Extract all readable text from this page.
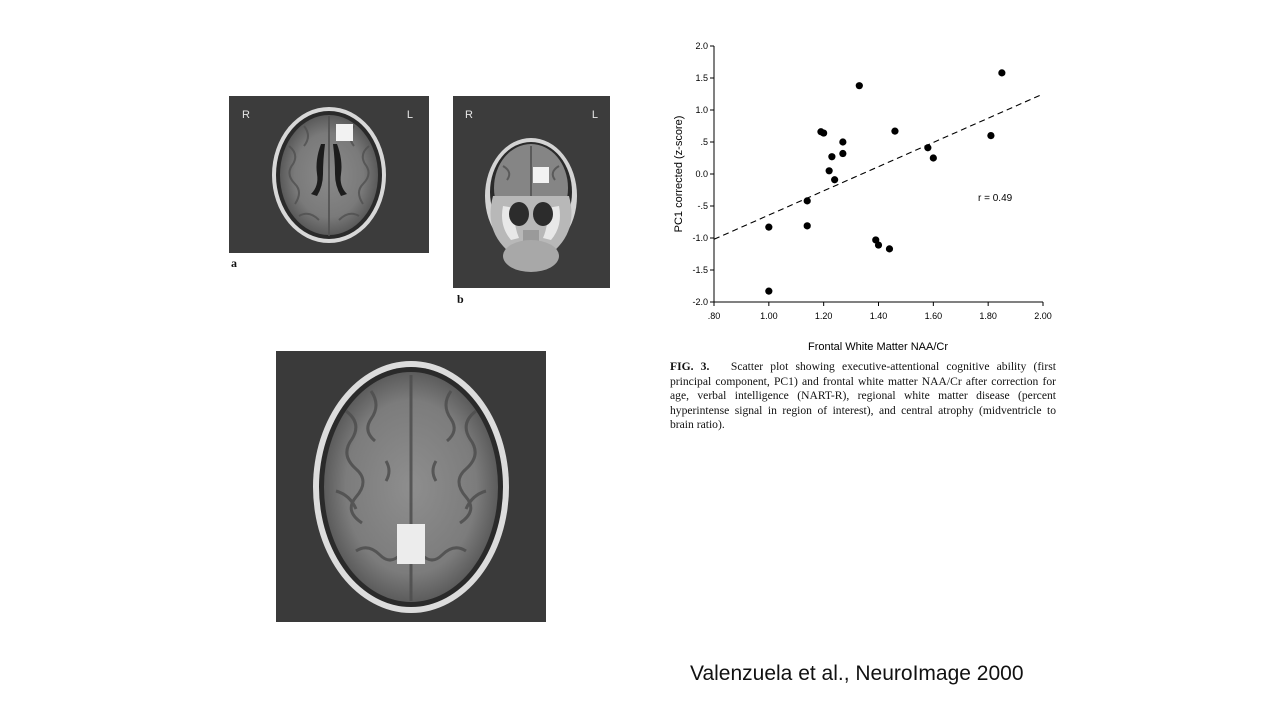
R	L
a
R	L
b
2.0
1.5
1.0
.5
0.0
-.5
-1.0
-1.5
-2.0
.80	1.00	1.20	1.40	1.60	1.80	2.00
r = 0.49
Frontal White Matter NAA/Cr
PC1 corrected (z-score)
FIG. 3. Scatter plot showing executive-attentional cognitive ability (first principal component, PC1) and frontal white matter NAA/Cr after correction for age, verbal intelligence (NART-R), regional white matter disease (percent hyperintense signal in region of interest), and central atrophy (midventricle to brain ratio).
Valenzuela et al., NeuroImage 2000
